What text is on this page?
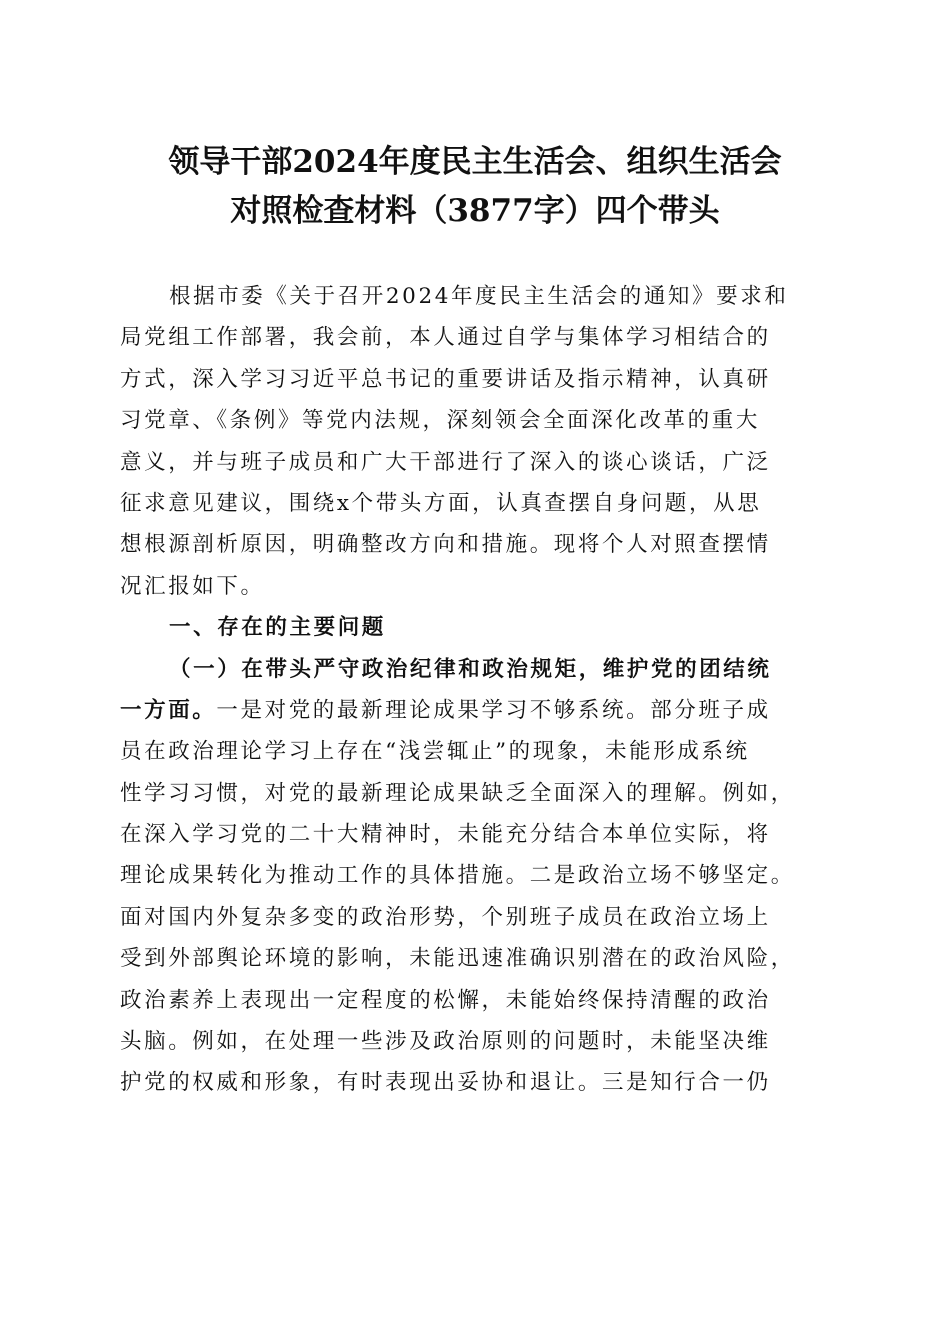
领导干部2024年度民主生活会、组织生活会
对照检查材料（3877字）四个带头
根据市委《关于召开2024年度民主生活会的通知》要求和
局党组工作部署，我会前，本人通过自学与集体学习相结合的
方式，深入学习习近平总书记的重要讲话及指示精神，认真研
习党章、《条例》等党内法规，深刻领会全面深化改革的重大
意义，并与班子成员和广大干部进行了深入的谈心谈话，广泛
征求意见建议，围绕x个带头方面，认真查摆自身问题，从思
想根源剖析原因，明确整改方向和措施。现将个人对照查摆情
况汇报如下。
一、存在的主要问题
（一）在带头严守政治纪律和政治规矩，维护党的团结统
一方面。一是对党的最新理论成果学习不够系统。部分班子成
员在政治理论学习上存在“浅尝辄止”的现象，未能形成系统
性学习习惯，对党的最新理论成果缺乏全面深入的理解。例如，
在深入学习党的二十大精神时，未能充分结合本单位实际，将
理论成果转化为推动工作的具体措施。二是政治立场不够坚定。
面对国内外复杂多变的政治形势，个别班子成员在政治立场上
受到外部舆论环境的影响，未能迅速准确识别潜在的政治风险，
政治素养上表现出一定程度的松懈，未能始终保持清醒的政治
头脑。例如，在处理一些涉及政治原则的问题时，未能坚决维
护党的权威和形象，有时表现出妥协和退让。三是知行合一仍
